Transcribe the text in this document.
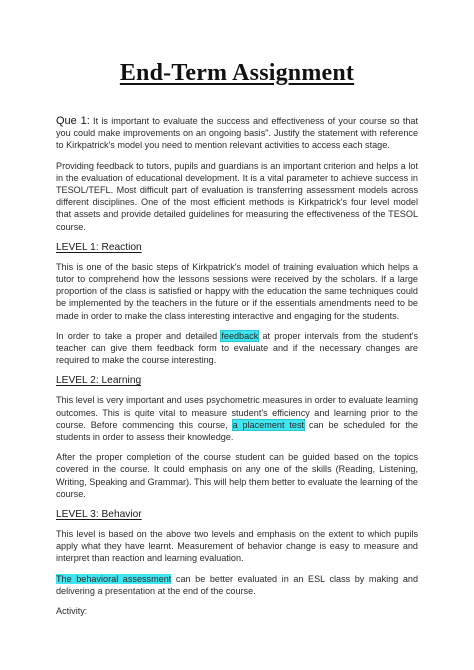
End-Term Assignment

Que 1: It is important to evaluate the success and effectiveness of your course so that you could make improvements on an ongoing basis". Justify the statement with reference to Kirkpatrick's model you need to mention relevant activities to access each stage.

Providing feedback to tutors, pupils and guardians is an important criterion and helps a lot in the evaluation of educational development. It is a vital parameter to achieve success in TESOL/TEFL. Most difficult part of evaluation is transferring assessment models across different disciplines. One of the most efficient methods is Kirkpatrick's four level model that assets and provide detailed guidelines for measuring the effectiveness of the TESOL course.

LEVEL 1: Reaction

This is one of the basic steps of Kirkpatrick's model of training evaluation which helps a tutor to comprehend how the lessons sessions were received by the scholars. If a large proportion of the class is satisfied or happy with the education the same techniques could be implemented by the teachers in the future or if the essentials amendments need to be made in order to make the class interesting interactive and engaging for the students.

In order to take a proper and detailed feedback at proper intervals from the student's teacher can give them feedback form to evaluate and if the necessary changes are required to make the course interesting.

LEVEL 2: Learning

This level is very important and uses psychometric measures in order to evaluate learning outcomes. This is quite vital to measure student's efficiency and learning prior to the course. Before commencing this course, a placement test can be scheduled for the students in order to assess their knowledge.

After the proper completion of the course student can be guided based on the topics covered in the course. It could emphasis on any one of the skills (Reading, Listening, Writing, Speaking and Grammar). This will help them better to evaluate the learning of the course.

LEVEL 3: Behavior

This level is based on the above two levels and emphasis on the extent to which pupils apply what they have learnt. Measurement of behavior change is easy to measure and interpret than reaction and learning evaluation.

The behavioral assessment can be better evaluated in an ESL class by making and delivering a presentation at the end of the course.

Activity:
